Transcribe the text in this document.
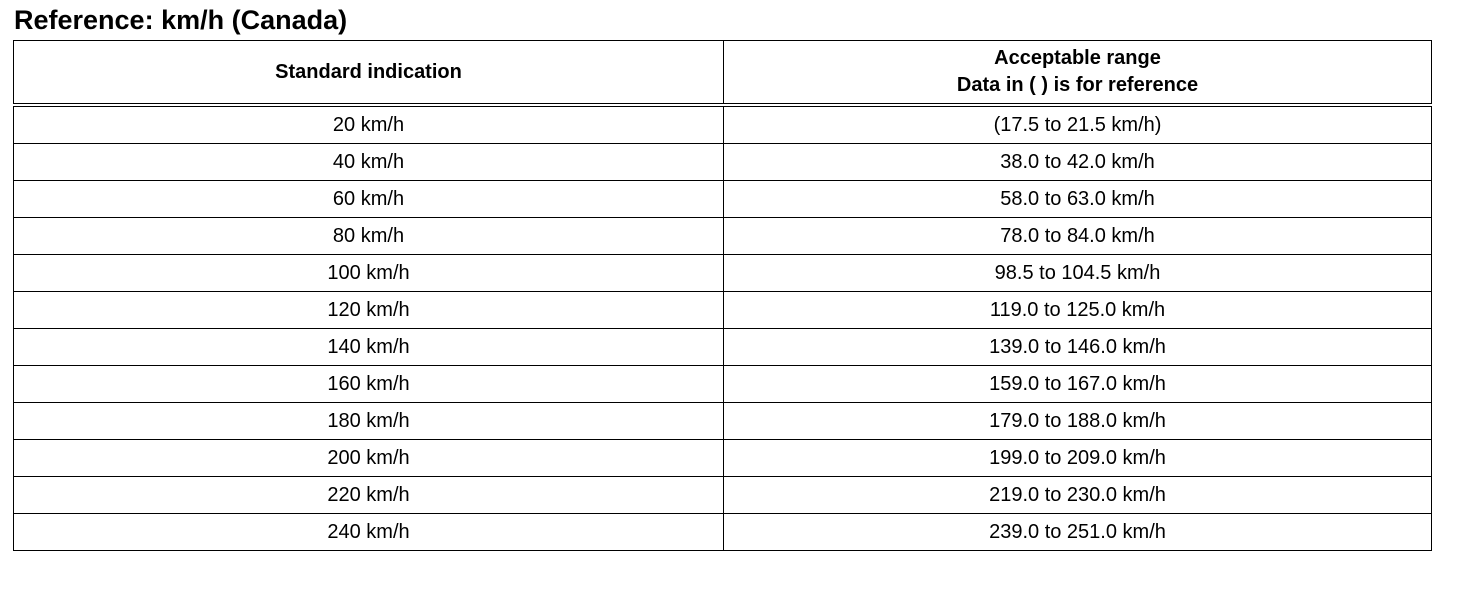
Reference: km/h (Canada)
Standard indication	Acceptable range
Data in ( ) is for reference

20 km/h	(17.5 to 21.5 km/h)
40 km/h	38.0 to 42.0 km/h
60 km/h	58.0 to 63.0 km/h
80 km/h	78.0 to 84.0 km/h
100 km/h	98.5 to 104.5 km/h
120 km/h	119.0 to 125.0 km/h
140 km/h	139.0 to 146.0 km/h
160 km/h	159.0 to 167.0 km/h
180 km/h	179.0 to 188.0 km/h
200 km/h	199.0 to 209.0 km/h
220 km/h	219.0 to 230.0 km/h
240 km/h	239.0 to 251.0 km/h
